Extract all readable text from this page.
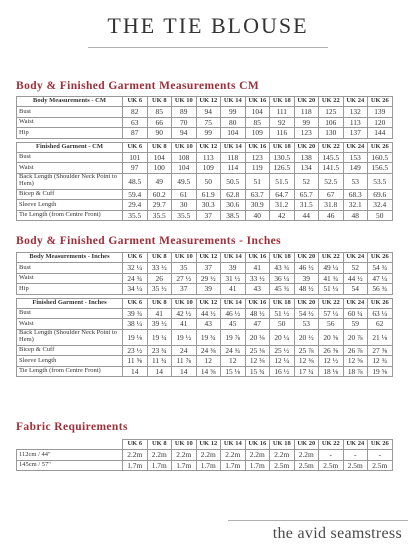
THE TIE BLOUSE
Body & Finished Garment Measurements CM
Body Measurements - CM	UK 6	UK 8	UK 10	UK 12	UK 14	UK 16	UK 18	UK 20	UK 22	UK 24	UK 26
Bust	82	85	89	94	99	104	111	118	125	132	139
Waist	63	66	70	75	80	85	92	99	106	113	120
Hip	87	90	94	99	104	109	116	123	130	137	144

Finished Garment - CM	UK 6	UK 8	UK 10	UK 12	UK 14	UK 16	UK 18	UK 20	UK 22	UK 24	UK 26
Bust	101	104	108	113	118	123	130.5	138	145.5	153	160.5
Waist	97	100	104	109	114	119	126.5	134	141.5	149	156.5
Back Length (Shoulder Neck Point to Hem)	48.5	49	49.5	50	50.5	51	51.5	52	52.5	53	53.5
Bicep & Cuff	59.4	60.2	61	61.9	62.8	63.7	64.7	65.7	67	68.3	69.6
Sleeve Length	29.4	29.7	30	30.3	30.6	30.9	31.2	31.5	31.8	32.1	32.4
Tie Length (from Centre Front)	35.5	35.5	35.5	37	38.5	40	42	44	46	48	50
Body & Finished Garment Measurements - Inches
Body Measurements - Inches	UK 6	UK 8	UK 10	UK 12	UK 14	UK 16	UK 18	UK 20	UK 22	UK 24	UK 26
Bust	32 ¼	33 ½	35	37	39	41	43 ¾	46 ½	49 ¼	52	54 ¾
Waist	24 ¾	26	27 ½	29 ½	31 ½	33 ½	36 ¼	39	41 ¾	44 ½	47 ¼
Hip	34 ¼	35 ½	37	39	41	43	45 ¾	48 ½	51 ¼	54	56 ¾

Finished Garment - Inches	UK 6	UK 8	UK 10	UK 12	UK 14	UK 16	UK 18	UK 20	UK 22	UK 24	UK 26
Bust	39 ¾	41	42 ½	44 ½	46 ½	48 ½	51 ½	54 ½	57 ¼	60 ¼	63 ¼
Waist	38 ¼	39 ½	41	43	45	47	50	53	56	59	62
Back Length (Shoulder Neck Point to Hem)	19 ⅛	19 ¼	19 ½	19 ¾	19 ⅞	20 ⅛	20 ¼	20 ½	20 ⅝	20 ⅞	21 ⅛
Bicep & Cuff	23 ½	23 ¾	24	24 ⅜	24 ¾	25 ⅛	25 ½	25 ⅞	26 ⅜	26 ⅞	27 ⅜
Sleeve Length	11 ⅝	11 ¾	11 ⅞	12	12	12 ⅛	12 ¼	12 ⅜	12 ½	12 ⅝	12 ¾
Tie Length (from Centre Front)	14	14	14	14 ⅝	15 ⅛	15 ¾	16 ½	17 ¼	18 ⅛	18 ⅞	19 ⅝
Fabric Requirements
	UK 6	UK 8	UK 10	UK 12	UK 14	UK 16	UK 18	UK 20	UK 22	UK 24	UK 26
112cm / 44"	2.2m	2.2m	2.2m	2.2m	2.2m	2.2m	2.2m	2.2m	-	-	-
145cm / 57"	1.7m	1.7m	1.7m	1.7m	1.7m	1.7m	2.5m	2.5m	2.5m	2.5m	2.5m
the avid seamstress
